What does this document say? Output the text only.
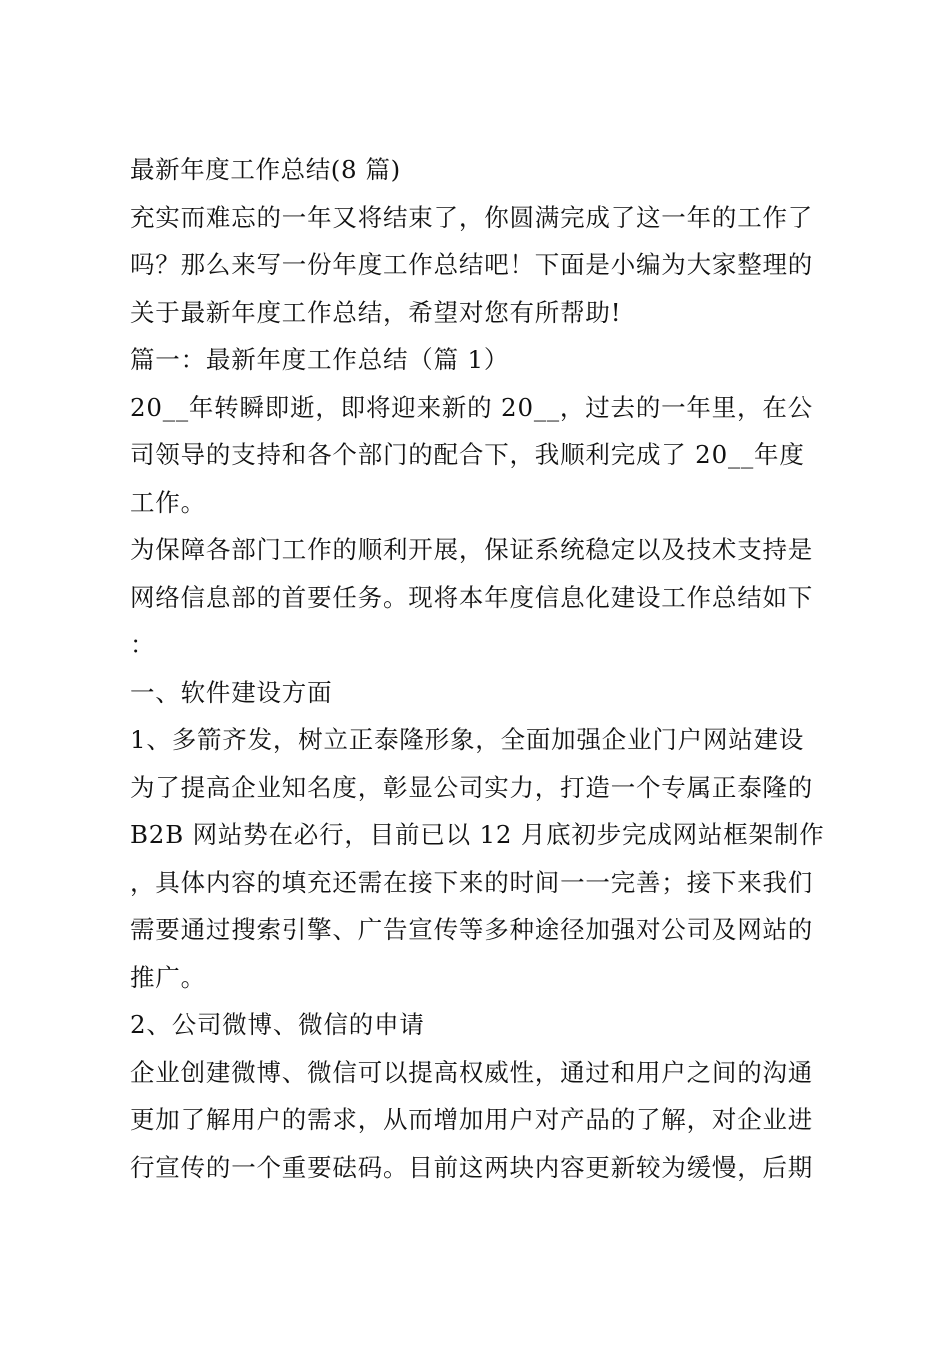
最新年度工作总结(8 篇)

充实而难忘的一年又将结束了，你圆满完成了这一年的工作了吗？那么来写一份年度工作总结吧！下面是小编为大家整理的关于最新年度工作总结，希望对您有所帮助!

篇一：最新年度工作总结（篇 1）

20__年转瞬即逝，即将迎来新的 20__，过去的一年里，在公司领导的支持和各个部门的配合下，我顺利完成了 20__年度工作。

为保障各部门工作的顺利开展，保证系统稳定以及技术支持是网络信息部的首要任务。现将本年度信息化建设工作总结如下：

一、软件建设方面

1、多箭齐发，树立正泰隆形象，全面加强企业门户网站建设

为了提高企业知名度，彰显公司实力，打造一个专属正泰隆的 B2B 网站势在必行，目前已以 12 月底初步完成网站框架制作，具体内容的填充还需在接下来的时间一一完善；接下来我们需要通过搜索引擎、广告宣传等多种途径加强对公司及网站的推广。

2、公司微博、微信的申请

企业创建微博、微信可以提高权威性，通过和用户之间的沟通更加了解用户的需求，从而增加用户对产品的了解，对企业进行宣传的一个重要砝码。目前这两块内容更新较为缓慢，后期
